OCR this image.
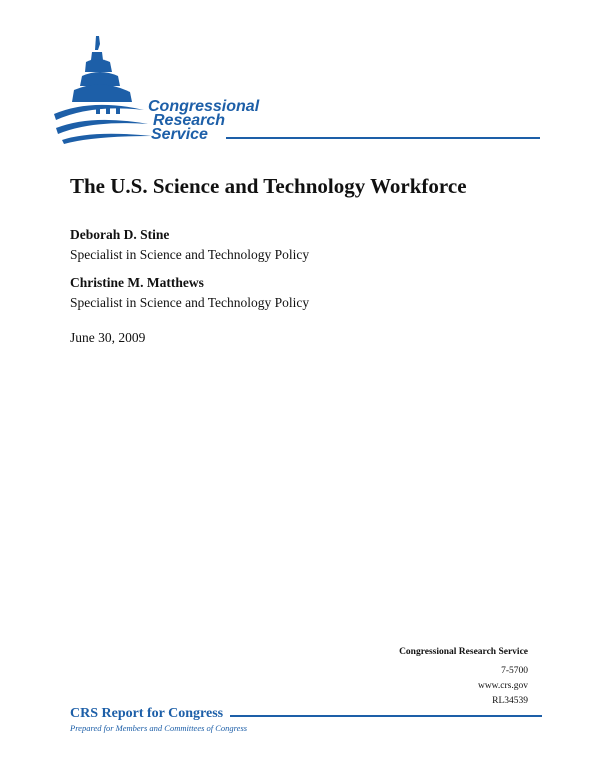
Congressional
Research
Service
The U.S. Science and Technology Workforce
Deborah D. Stine
Specialist in Science and Technology Policy
Christine M. Matthews
Specialist in Science and Technology Policy
June 30, 2009
Congressional Research Service
7-5700
www.crs.gov
RL34539
CRS Report for Congress
Prepared for Members and Committees of Congress
